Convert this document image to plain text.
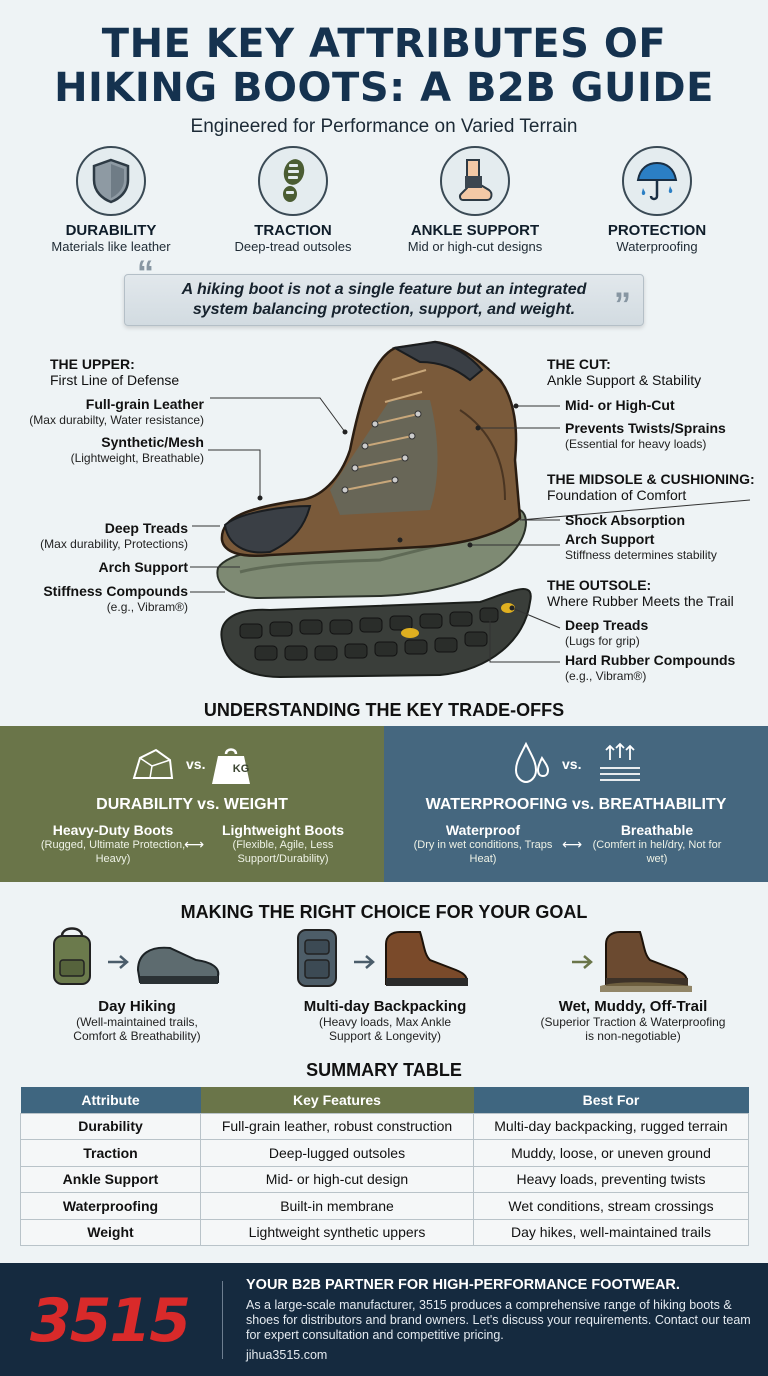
THE KEY ATTRIBUTES OF
HIKING BOOTS: A B2B GUIDE
Engineered for Performance on Varied Terrain
DURABILITY
Materials like leather
TRACTION
Deep-tread outsoles
ANKLE SUPPORT
Mid or high-cut designs
PROTECTION
Waterproofing
“
”
A hiking boot is not a single feature but an integrated
system balancing protection, support, and weight.
THE UPPER:
First Line of Defense
Full-grain Leather
(Max durabilty, Water resistance)
Synthetic/Mesh
(Lightweight, Breathable)
Deep Treads
(Max durability, Protections)
Arch Support
Stiffness Compounds
(e.g., Vibram®)
THE CUT:
Ankle Support & Stability
Mid- or High-Cut
Prevents Twists/Sprains
(Essential for heavy loads)
THE MIDSOLE & CUSHIONING:
Foundation of Comfort
Shock Absorption
Arch Support
Stiffness determines stability
THE OUTSOLE:
Where Rubber Meets the Trail
Deep Treads
(Lugs for grip)
Hard Rubber Compounds
(e.g., Vibram®)
UNDERSTANDING THE KEY TRADE-OFFS
vs.	KG
DURABILITY vs. WEIGHT
Heavy-Duty Boots
(Rugged, Ultimate Protection, Heavy)
⟷
Lightweight Boots
(Flexible, Agile, Less Support/Durability)
vs.
WATERPROOFING vs. BREATHABILITY
Waterproof
(Dry in wet conditions, Traps Heat)
⟷
Breathable
(Comfert in hel/dry, Not for wet)
MAKING THE RIGHT CHOICE FOR YOUR GOAL
Day Hiking
(Well-maintained trails,
Comfort & Breathability)
Multi-day Backpacking
(Heavy loads, Max Ankle
Support & Longevity)
Wet, Muddy, Off-Trail
(Superior Traction & Waterproofing
is non-negotiable)
SUMMARY TABLE
Attribute	Key Features	Best For
Durability	Full-grain leather, robust construction	Multi-day backpacking, rugged terrain
Traction	Deep-lugged outsoles	Muddy, loose, or uneven ground
Ankle Support	Mid- or high-cut design	Heavy loads, preventing twists
Waterproofing	Built-in membrane	Wet conditions, stream crossings
Weight	Lightweight synthetic uppers	Day hikes, well-maintained trails
3515
YOUR B2B PARTNER FOR HIGH-PERFORMANCE FOOTWEAR.
As a large-scale manufacturer, 3515 produces a comprehensive range of hiking boots & shoes for distributors and brand owners. Let's discuss your requirements. Contact our team for expert consultation and competitive pricing.
jihua3515.com
